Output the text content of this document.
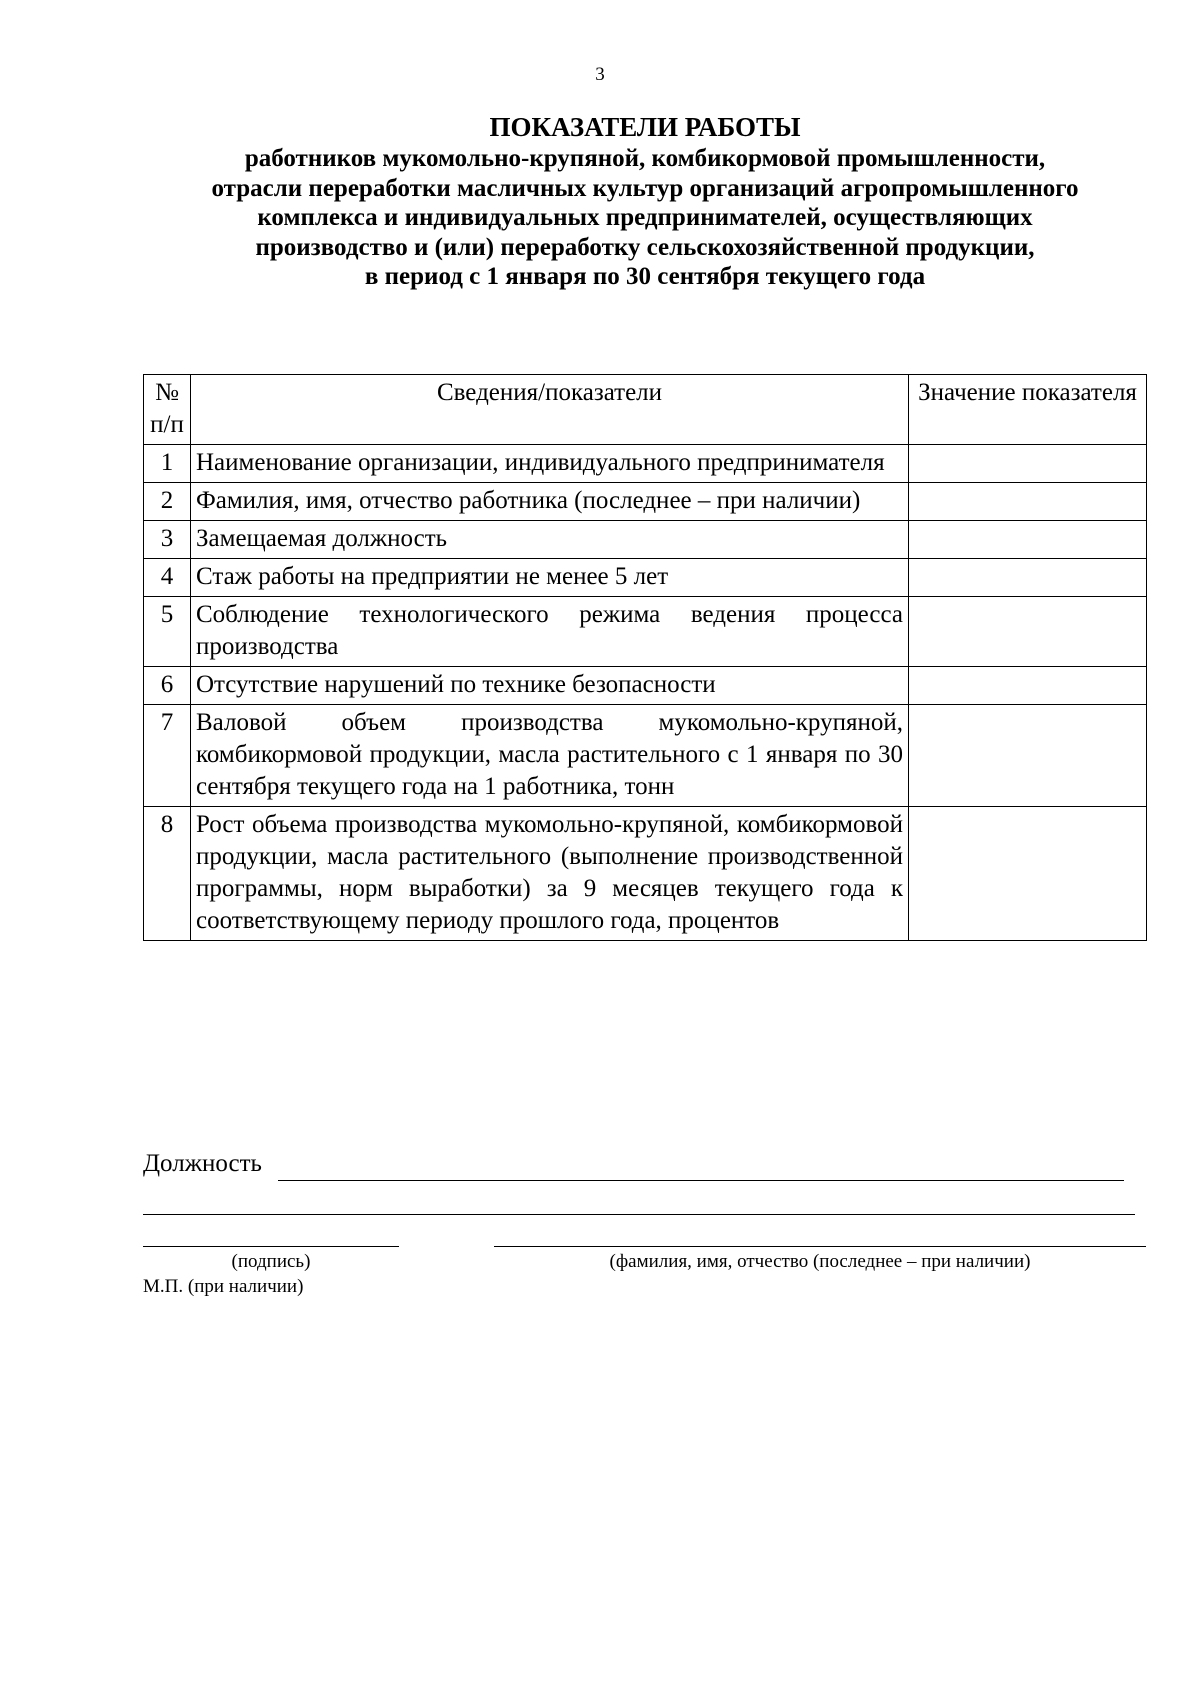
3
ПОКАЗАТЕЛИ РАБОТЫ
работников мукомольно-крупяной, комбикормовой промышленности,
отрасли переработки масличных культур организаций агропромышленного
комплекса и индивидуальных предпринимателей, осуществляющих
производство и (или) переработку сельскохозяйственной продукции,
в период с 1 января по 30 сентября текущего года
№ п/п	Сведения/показатели	Значение показателя
1	Наименование организации, индивидуального предпринимателя	

2	Фамилия, имя, отчество работника (последнее – при наличии)	

3	Замещаемая должность	

4	Стаж работы на предприятии не менее 5 лет	

5	Соблюдение технологического режима ведения процесса производства	

6	Отсутствие нарушений по технике безопасности	

7	Валовой объем производства мукомольно-крупяной, комбикормовой продукции, масла растительного с 1 января по 30 сентября текущего года на 1 работника, тонн	

8	Рост объема производства мукомольно-крупяной, комбикормовой продукции, масла растительного (выполнение производственной программы, норм выработки) за 9 месяцев текущего года к соответствующему периоду прошлого года, процентов	

Должность
(подпись)	(фамилия, имя, отчество (последнее – при наличии)
М.П. (при наличии)
